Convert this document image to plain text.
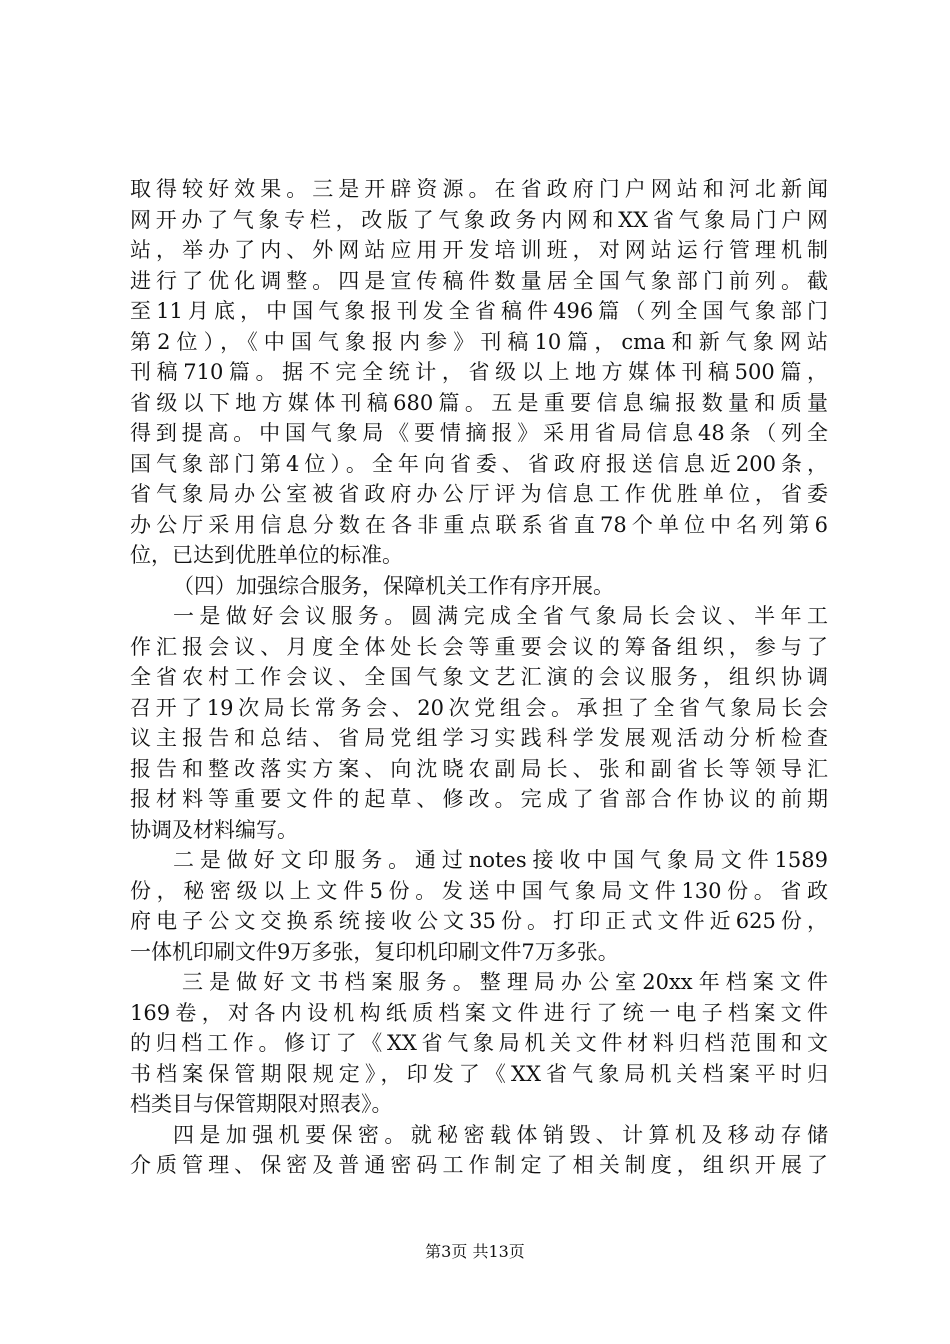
取得较好效果。三是开辟资源。在省政府门户网站和河北新闻
网开办了气象专栏，改版了气象政务内网和XX省气象局门户网
站，举办了内、外网站应用开发培训班，对网站运行管理机制
进行了优化调整。四是宣传稿件数量居全国气象部门前列。截
至11月底，中国气象报刊发全省稿件496篇（列全国气象部门
第2位），《中国气象报内参》刊稿10篇，cma和新气象网站
刊稿710篇。据不完全统计，省级以上地方媒体刊稿500篇，
省级以下地方媒体刊稿680篇。五是重要信息编报数量和质量
得到提高。中国气象局《要情摘报》采用省局信息48条（列全
国气象部门第4位）。全年向省委、省政府报送信息近200条，
省气象局办公室被省政府办公厅评为信息工作优胜单位，省委
办公厅采用信息分数在各非重点联系省直78个单位中名列第6
位，已达到优胜单位的标准。
（四）加强综合服务，保障机关工作有序开展。
一是做好会议服务。圆满完成全省气象局长会议、半年工
作汇报会议、月度全体处长会等重要会议的筹备组织，参与了
全省农村工作会议、全国气象文艺汇演的会议服务，组织协调
召开了19次局长常务会、20次党组会。承担了全省气象局长会
议主报告和总结、省局党组学习实践科学发展观活动分析检查
报告和整改落实方案、向沈晓农副局长、张和副省长等领导汇
报材料等重要文件的起草、修改。完成了省部合作协议的前期
协调及材料编写。
二是做好文印服务。通过notes接收中国气象局文件1589
份，秘密级以上文件5份。发送中国气象局文件130份。省政
府电子公文交换系统接收公文35份。打印正式文件近625份，
一体机印刷文件9万多张，复印机印刷文件7万多张。
三是做好文书档案服务。整理局办公室20xx年档案文件
169卷，对各内设机构纸质档案文件进行了统一电子档案文件
的归档工作。修订了《XX省气象局机关文件材料归档范围和文
书档案保管期限规定》，印发了《XX省气象局机关档案平时归
档类目与保管期限对照表》。
四是加强机要保密。就秘密载体销毁、计算机及移动存储
介质管理、保密及普通密码工作制定了相关制度，组织开展了
第3页 共13页
